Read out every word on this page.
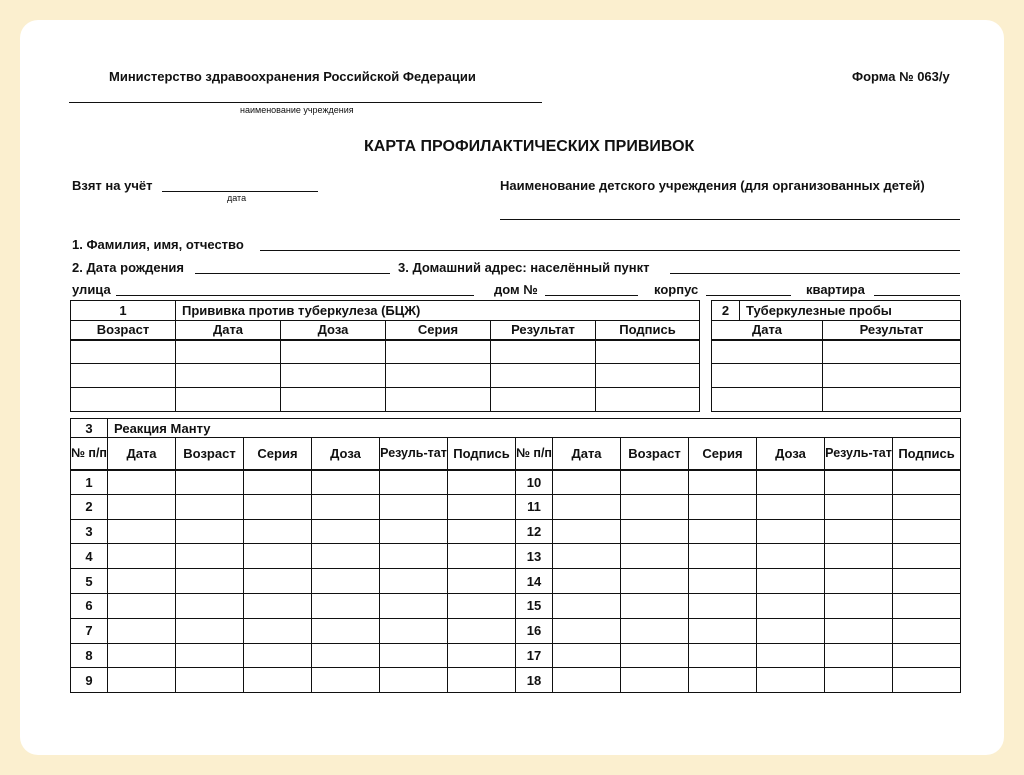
Министерство здравоохранения Российской Федерации	Форма № 063/у
наименование учреждения
КАРТА ПРОФИЛАКТИЧЕСКИХ ПРИВИВОК
Взят на учёт
дата
Наименование детского учреждения (для организованных детей)
1. Фамилия, имя, отчество
2. Дата рождения	3. Домашний адрес: населённый пункт
улица	дом №	корпус	квартира
1	Прививка против туберкулеза (БЦЖ)				
Возраст	Дата	Доза	Серия	Результат	Подпись

2	Туберкулезные пробы	
Дата		Результат

3	Реакция Манту												
№ п/п	Дата	Возраст	Серия	Доза	Резуль-тат	Подпись	№ п/п	Дата	Возраст	Серия	Доза	Резуль-тат	Подпись
1							10						
2							11						
3							12						
4							13						
5							14						
6							15						
7							16						
8							17						
9							18						
